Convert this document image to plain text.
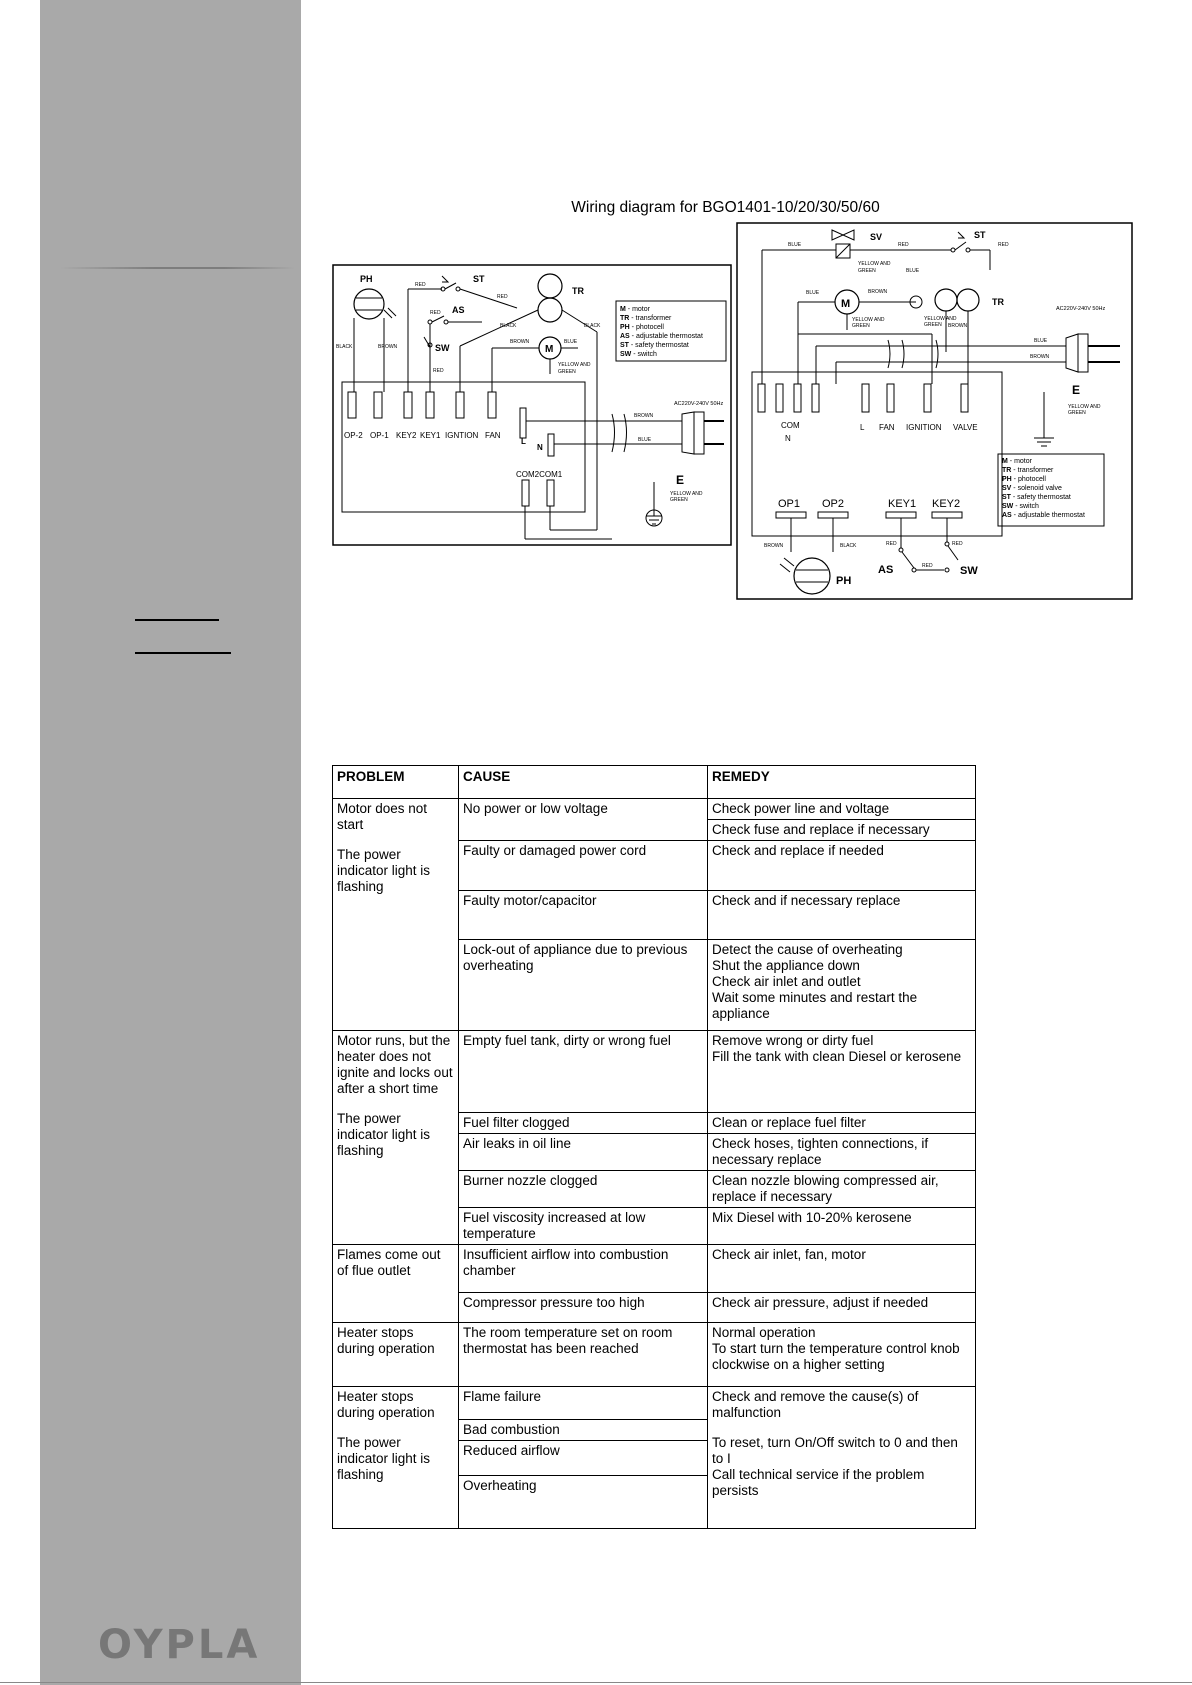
OYPLA
Wiring diagram for BGO1401-10/20/30/50/60
PH
BLACK	BROWN
OP-2 OP-1 KEY2 KEY1 IGNTION FAN
RED
ST
RED
AS
RED
SW
RED
TR
BLACK	BLACK
M
BROWN	BLUE
YELLOW AND
GREEN
M - motor
TR - transformer
PH - photocell
AS - adjustable thermostat
ST - safety thermostat
SW - switch
L
N
BROWN
BLUE
AC220V-240V 50Hz
COM2COM1	E
YELLOW AND
GREEN
SV
BLUE	RED
YELLOW AND
GREEN
ST
RED
M
BLUE	BROWN
YELLOW AND
GREEN
BLUE
TR
YELLOW AND
GREEN BROWN
BLUE
BROWN
AC220V-240V 50Hz
COM
N
L FAN IGNITION VALVE
OP1 OP2	KEY1 KEY2
M - motor
TR - transformer
PH - photocell
SV - solenoid valve
ST - safety thermostat
SW - switch
AS - adjustable thermostat
E
YELLOW AND
GREEN
BROWN	BLACK
PH
RED
AS	RED
RED
SW
PROBLEM	CAUSE	REMEDY

Motor does not start
The power indicator light is flashing	No power or low voltage	Check power line and voltage

		Check fuse and replace if necessary

	Faulty or damaged power cord	Check and replace if needed

	Faulty motor/capacitor	Check and if necessary replace

	Lock-out of appliance due to previous overheating	Detect the cause of overheating
Shut the appliance down
Check air inlet and outlet
Wait some minutes and restart the appliance

Motor runs, but the heater does not ignite and locks out after a short time
The power indicator light is flashing	Empty fuel tank, dirty or wrong fuel	Remove wrong or dirty fuel
Fill the tank with clean Diesel or kerosene

	Fuel filter clogged	Clean or replace fuel filter

	Air leaks in oil line	Check hoses, tighten connections, if necessary replace

	Burner nozzle clogged	Clean nozzle blowing compressed air, replace if necessary

	Fuel viscosity increased at low temperature	Mix Diesel with 10-20% kerosene

Flames come out of flue outlet	Insufficient airflow into combustion chamber	Check air inlet, fan, motor

	Compressor pressure too high	Check air pressure, adjust if needed

Heater stops during operation	The room temperature set on room thermostat has been reached	Normal operation
To start turn the temperature control knob clockwise on a higher setting

Heater stops during operation
The power indicator light is flashing	Flame failure	Check and remove the cause(s) of malfunction
To reset, turn On/Off switch to 0 and then to I
Call technical service if the problem persists

	Bad combustion	

	Reduced airflow	

	Overheating	
